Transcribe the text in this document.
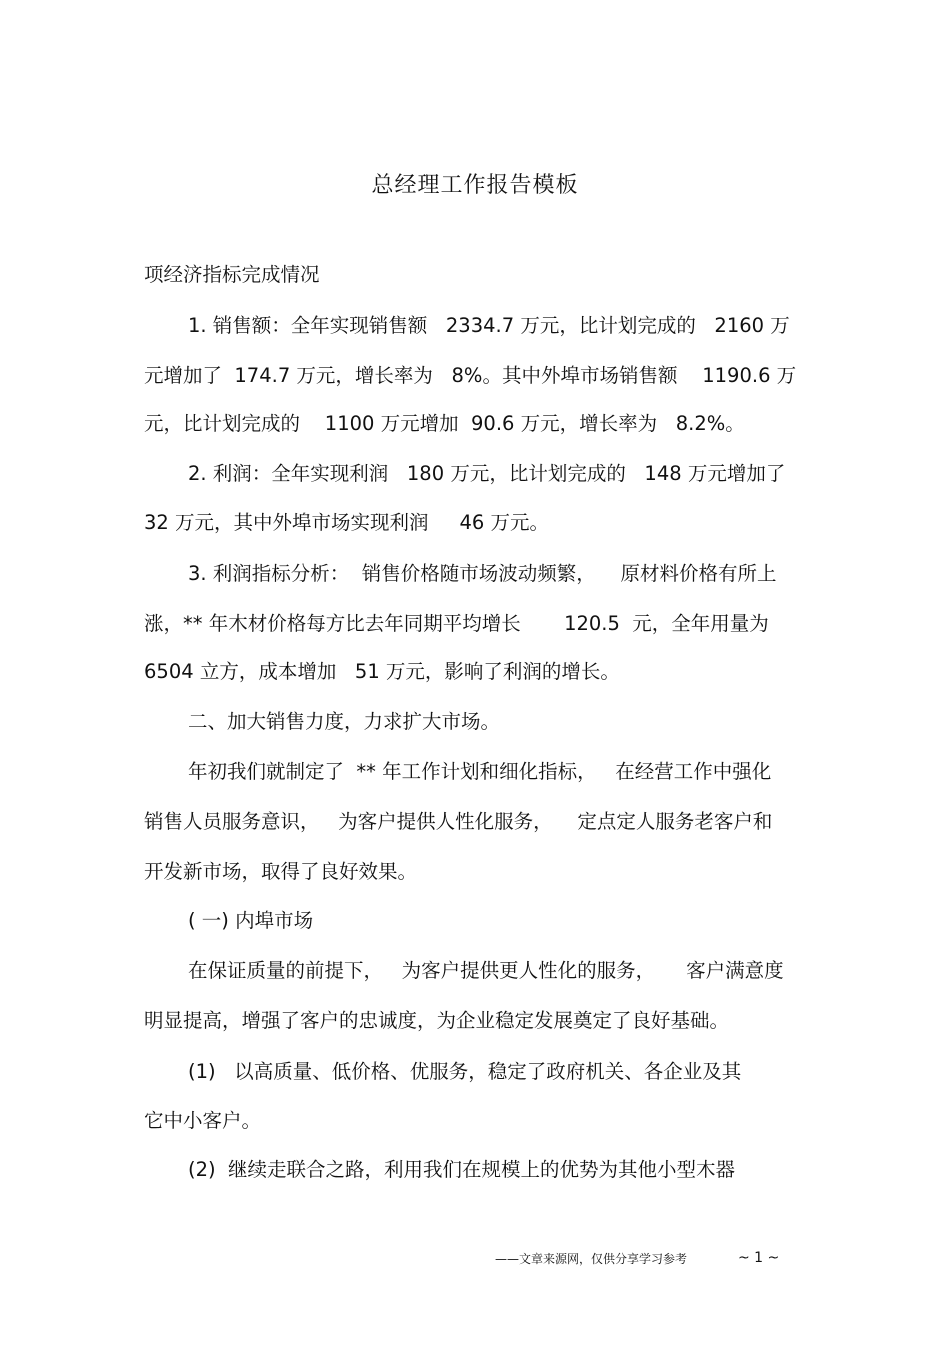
总经理工作报告模板
项经济指标完成情况
1. 销售额：全年实现销售额   2334.7 万元，比计划完成的   2160 万
元增加了  174.7 万元，增长率为   8%。其中外埠市场销售额    1190.6 万
元，比计划完成的    1100 万元增加  90.6 万元，增长率为   8.2%。
2. 利润：全年实现利润   180 万元，比计划完成的   148 万元增加了
32 万元，其中外埠市场实现利润     46 万元。
3. 利润指标分析：  销售价格随市场波动频繁，    原材料价格有所上
涨，** 年木材价格每方比去年同期平均增长       120.5  元，全年用量为
6504 立方，成本增加   51 万元，影响了利润的增长。
二、加大销售力度，力求扩大市场。
年初我们就制定了  ** 年工作计划和细化指标，   在经营工作中强化
销售人员服务意识，   为客户提供人性化服务，    定点定人服务老客户和
开发新市场，取得了良好效果。
( 一) 内埠市场
在保证质量的前提下，   为客户提供更人性化的服务，     客户满意度
明显提高，增强了客户的忠诚度，为企业稳定发展奠定了良好基础。
(1)   以高质量、低价格、优服务，稳定了政府机关、各企业及其
它中小客户。
(2)  继续走联合之路，利用我们在规模上的优势为其他小型木器
——文章来源网，仅供分享学习参考	~ 1 ~
